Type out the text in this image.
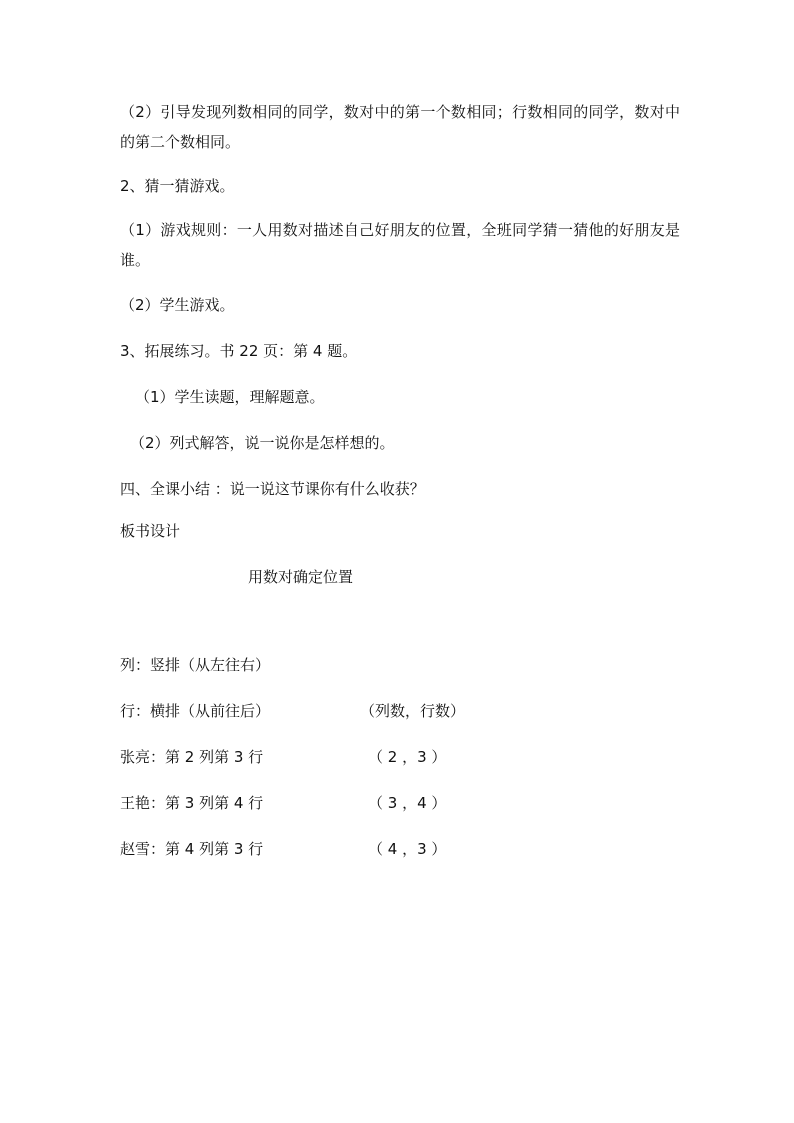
（2）引导发现列数相同的同学，数对中的第一个数相同；行数相同的同学，数对中的第二个数相同。
2、猜一猜游戏。
（1）游戏规则：一人用数对描述自己好朋友的位置，全班同学猜一猜他的好朋友是谁。
（2）学生游戏。
3、拓展练习。书 22 页：第 4 题。
（1）学生读题，理解题意。
（2）列式解答，说一说你是怎样想的。
四、全课小结 ：说一说这节课你有什么收获？
板书设计
用数对确定位置
列：竖排（从左往右）
行：横排（从前往后）	（列数，行数）
张亮：第 2 列第 3 行	（ 2 ，3 ）
王艳：第 3 列第 4 行	（ 3 ，4 ）
赵雪：第 4 列第 3 行	（ 4 ，3 ）
